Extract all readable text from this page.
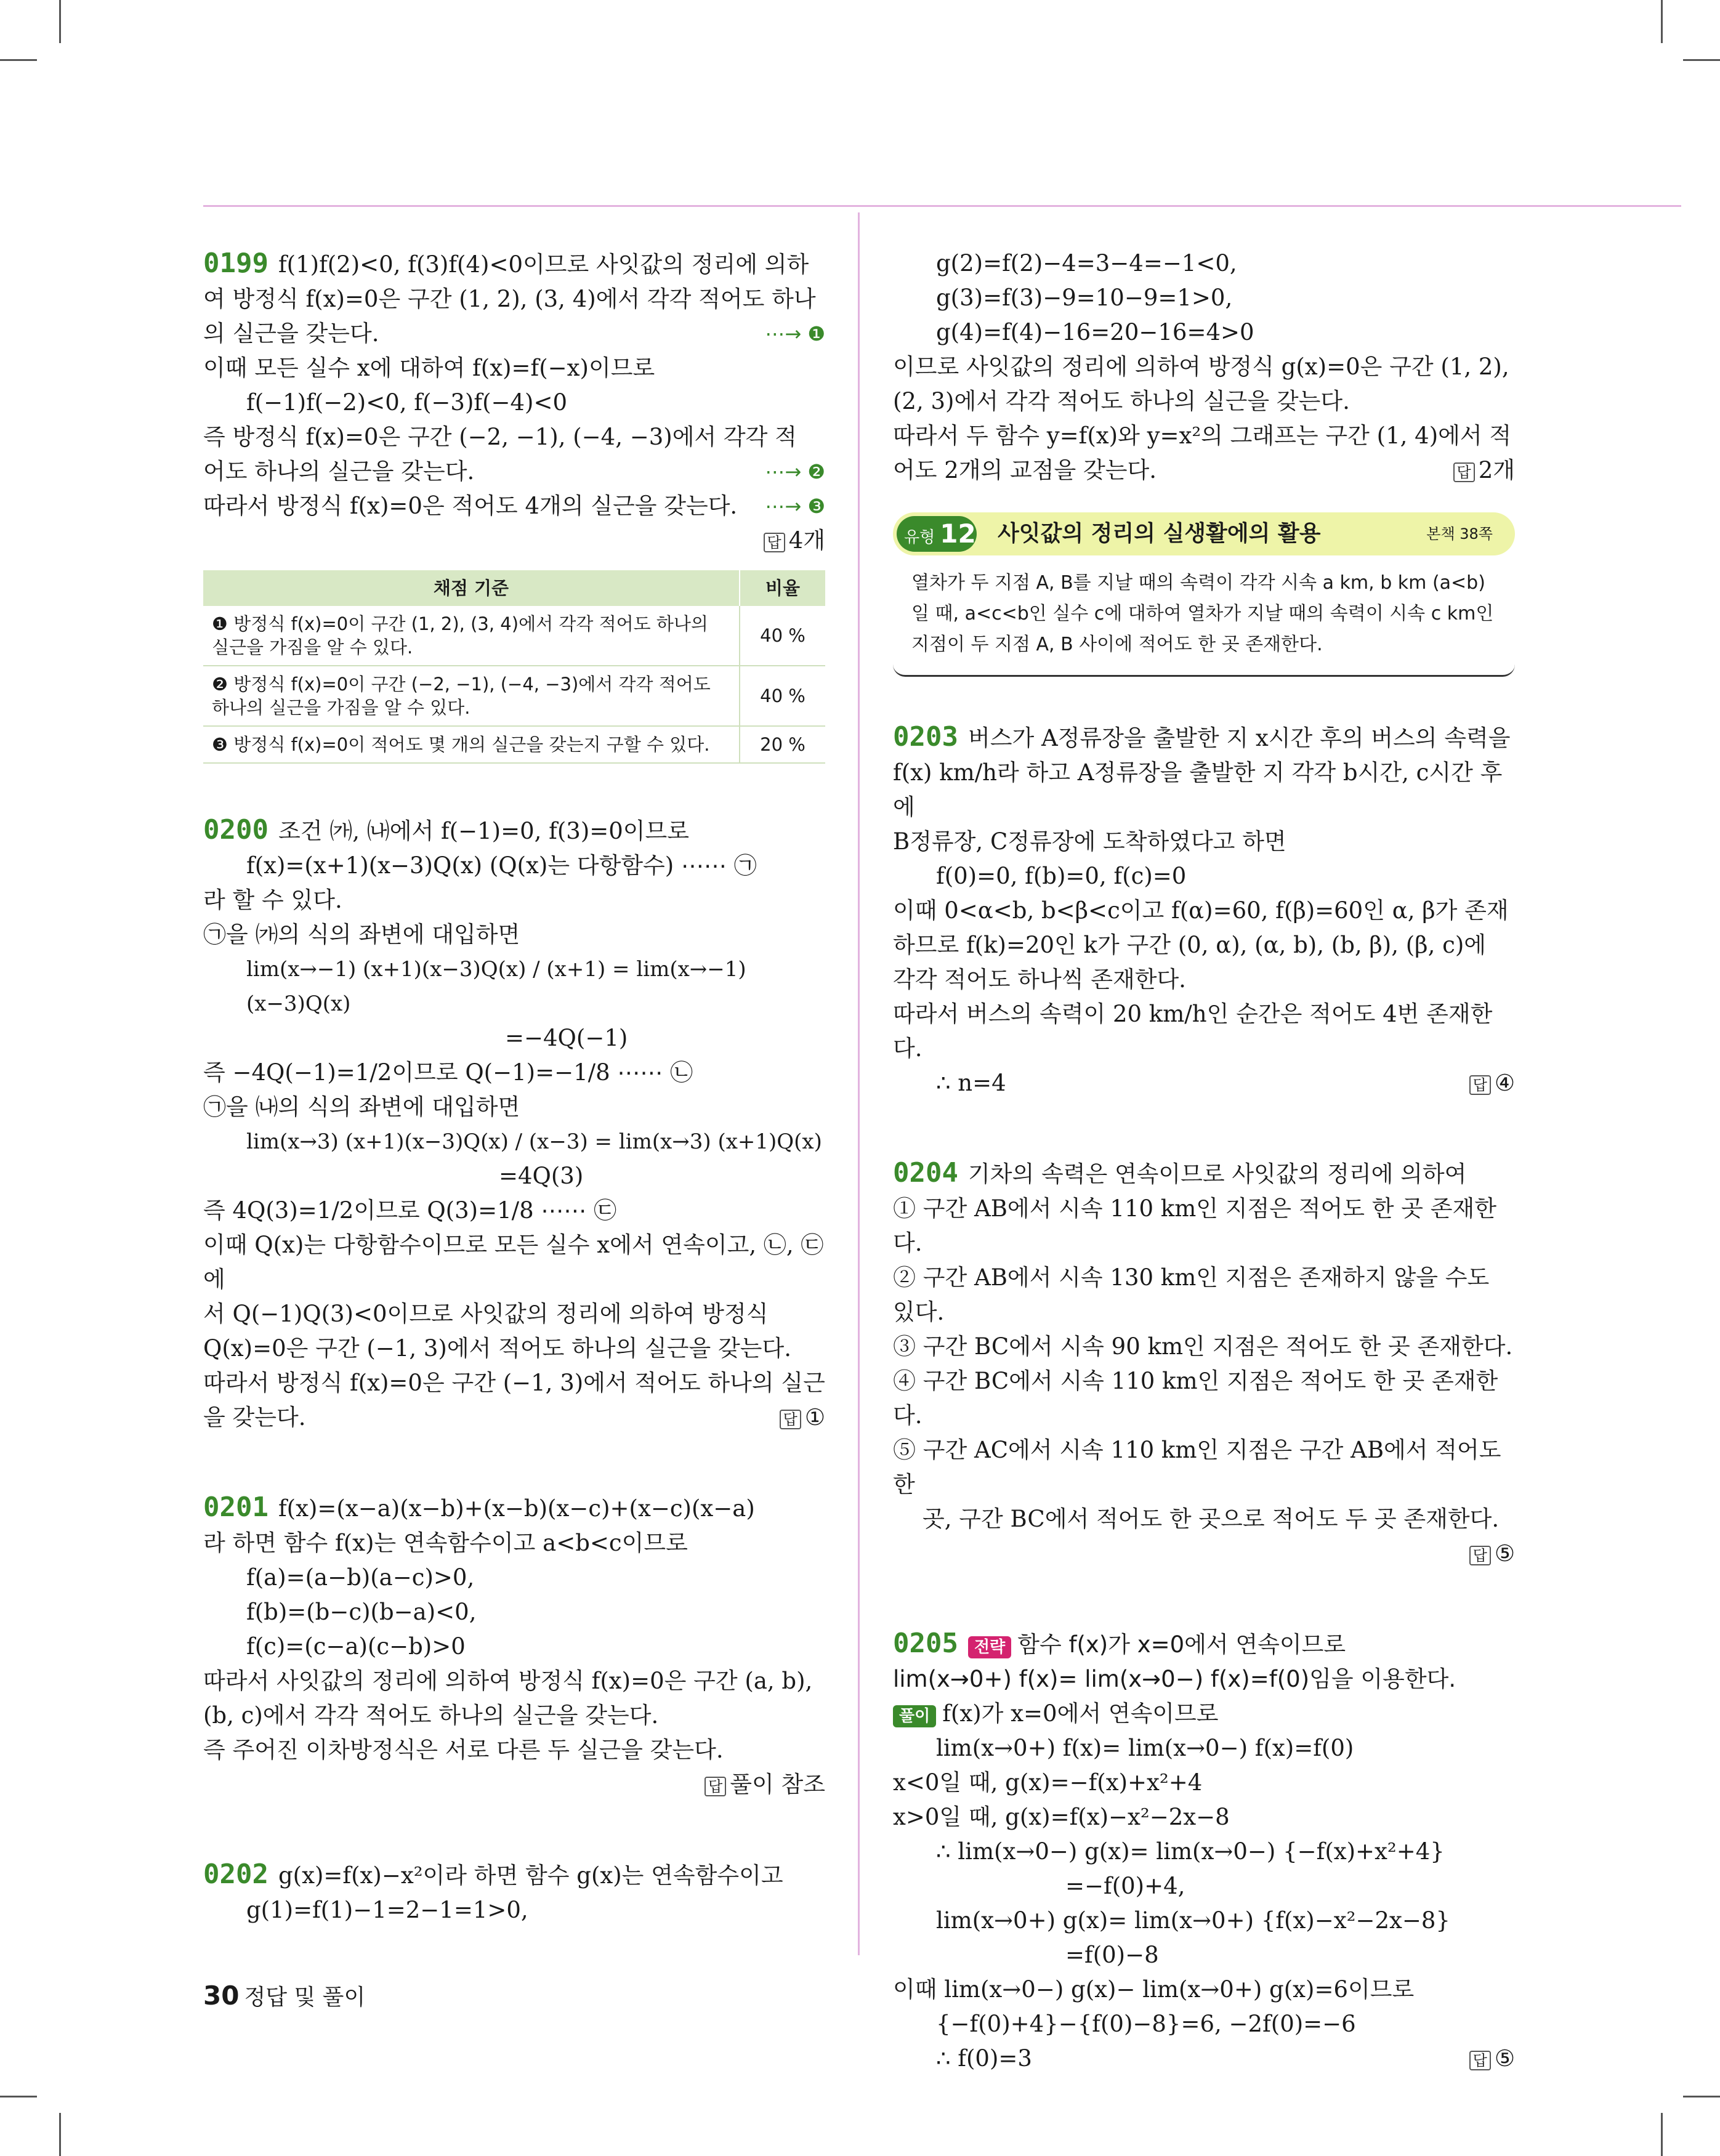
0199 f(1)f(2)<0, f(3)f(4)<0이므로 사잇값의 정리에 의하
여 방정식 f(x)=0은 구간 (1, 2), (3, 4)에서 각각 적어도 하나
의 실근을 갖는다.	⋯→ ❶
이때 모든 실수 x에 대하여 f(x)=f(−x)이므로
f(−1)f(−2)<0, f(−3)f(−4)<0
즉 방정식 f(x)=0은 구간 (−2, −1), (−4, −3)에서 각각 적
어도 하나의 실근을 갖는다.	⋯→ ❷
따라서 방정식 f(x)=0은 적어도 4개의 실근을 갖는다. ⋯→ ❸
답 4개
채점 기준	비율
❶ 방정식 f(x)=0이 구간 (1, 2), (3, 4)에서 각각 적어도 하나의 실근을 가짐을 알 수 있다.	40 %
❷ 방정식 f(x)=0이 구간 (−2, −1), (−4, −3)에서 각각 적어도 하나의 실근을 가짐을 알 수 있다.	40 %
❸ 방정식 f(x)=0이 적어도 몇 개의 실근을 갖는지 구할 수 있다.	20 %
0200 조건 ㈎, ㈏에서 f(−1)=0, f(3)=0이므로
f(x)=(x+1)(x−3)Q(x) (Q(x)는 다항함수) ⋯⋯ ㉠
라 할 수 있다.
㉠을 ㈎의 식의 좌변에 대입하면
lim(x→−1) (x+1)(x−3)Q(x) / (x+1) = lim(x→−1) (x−3)Q(x)
=−4Q(−1)
즉 −4Q(−1)=1/2이므로 Q(−1)=−1/8 ⋯⋯ ㉡
㉠을 ㈏의 식의 좌변에 대입하면
lim(x→3) (x+1)(x−3)Q(x) / (x−3) = lim(x→3) (x+1)Q(x)
=4Q(3)
즉 4Q(3)=1/2이므로 Q(3)=1/8 ⋯⋯ ㉢
이때 Q(x)는 다항함수이므로 모든 실수 x에서 연속이고, ㉡, ㉢에
서 Q(−1)Q(3)<0이므로 사잇값의 정리에 의하여 방정식
Q(x)=0은 구간 (−1, 3)에서 적어도 하나의 실근을 갖는다.
따라서 방정식 f(x)=0은 구간 (−1, 3)에서 적어도 하나의 실근
을 갖는다.	답 ①
0201 f(x)=(x−a)(x−b)+(x−b)(x−c)+(x−c)(x−a)
라 하면 함수 f(x)는 연속함수이고 a<b<c이므로
f(a)=(a−b)(a−c)>0,
f(b)=(b−c)(b−a)<0,
f(c)=(c−a)(c−b)>0
따라서 사잇값의 정리에 의하여 방정식 f(x)=0은 구간 (a, b),
(b, c)에서 각각 적어도 하나의 실근을 갖는다.
즉 주어진 이차방정식은 서로 다른 두 실근을 갖는다.
답 풀이 참조
0202 g(x)=f(x)−x²이라 하면 함수 g(x)는 연속함수이고
g(1)=f(1)−1=2−1=1>0,
g(2)=f(2)−4=3−4=−1<0,
g(3)=f(3)−9=10−9=1>0,
g(4)=f(4)−16=20−16=4>0
이므로 사잇값의 정리에 의하여 방정식 g(x)=0은 구간 (1, 2),
(2, 3)에서 각각 적어도 하나의 실근을 갖는다.
따라서 두 함수 y=f(x)와 y=x²의 그래프는 구간 (1, 4)에서 적
어도 2개의 교점을 갖는다.	답 2개
유형 12 사잇값의 정리의 실생활에의 활용	본책 38쪽
열차가 두 지점 A, B를 지날 때의 속력이 각각 시속 a km, b km (a<b)
일 때, a<c<b인 실수 c에 대하여 열차가 지날 때의 속력이 시속 c km인
지점이 두 지점 A, B 사이에 적어도 한 곳 존재한다.
0203 버스가 A정류장을 출발한 지 x시간 후의 버스의 속력을
f(x) km/h라 하고 A정류장을 출발한 지 각각 b시간, c시간 후에
B정류장, C정류장에 도착하였다고 하면
f(0)=0, f(b)=0, f(c)=0
이때 0<α<b, b<β<c이고 f(α)=60, f(β)=60인 α, β가 존재
하므로 f(k)=20인 k가 구간 (0, α), (α, b), (b, β), (β, c)에
각각 적어도 하나씩 존재한다.
따라서 버스의 속력이 20 km/h인 순간은 적어도 4번 존재한다.
∴ n=4	답 ④
0204 기차의 속력은 연속이므로 사잇값의 정리에 의하여
① 구간 AB에서 시속 110 km인 지점은 적어도 한 곳 존재한다.
② 구간 AB에서 시속 130 km인 지점은 존재하지 않을 수도 있다.
③ 구간 BC에서 시속 90 km인 지점은 적어도 한 곳 존재한다.
④ 구간 BC에서 시속 110 km인 지점은 적어도 한 곳 존재한다.
⑤ 구간 AC에서 시속 110 km인 지점은 구간 AB에서 적어도 한
곳, 구간 BC에서 적어도 한 곳으로 적어도 두 곳 존재한다.
답 ⑤
0205 전략 함수 f(x)가 x=0에서 연속이므로
lim(x→0+) f(x)= lim(x→0−) f(x)=f(0)임을 이용한다.
풀이 f(x)가 x=0에서 연속이므로
lim(x→0+) f(x)= lim(x→0−) f(x)=f(0)
x<0일 때, g(x)=−f(x)+x²+4
x>0일 때, g(x)=f(x)−x²−2x−8
∴ lim(x→0−) g(x)= lim(x→0−) {−f(x)+x²+4}
=−f(0)+4,
lim(x→0+) g(x)= lim(x→0+) {f(x)−x²−2x−8}
=f(0)−8
이때 lim(x→0−) g(x)− lim(x→0+) g(x)=6이므로
{−f(0)+4}−{f(0)−8}=6, −2f(0)=−6
∴ f(0)=3	답 ⑤
30 정답 및 풀이
